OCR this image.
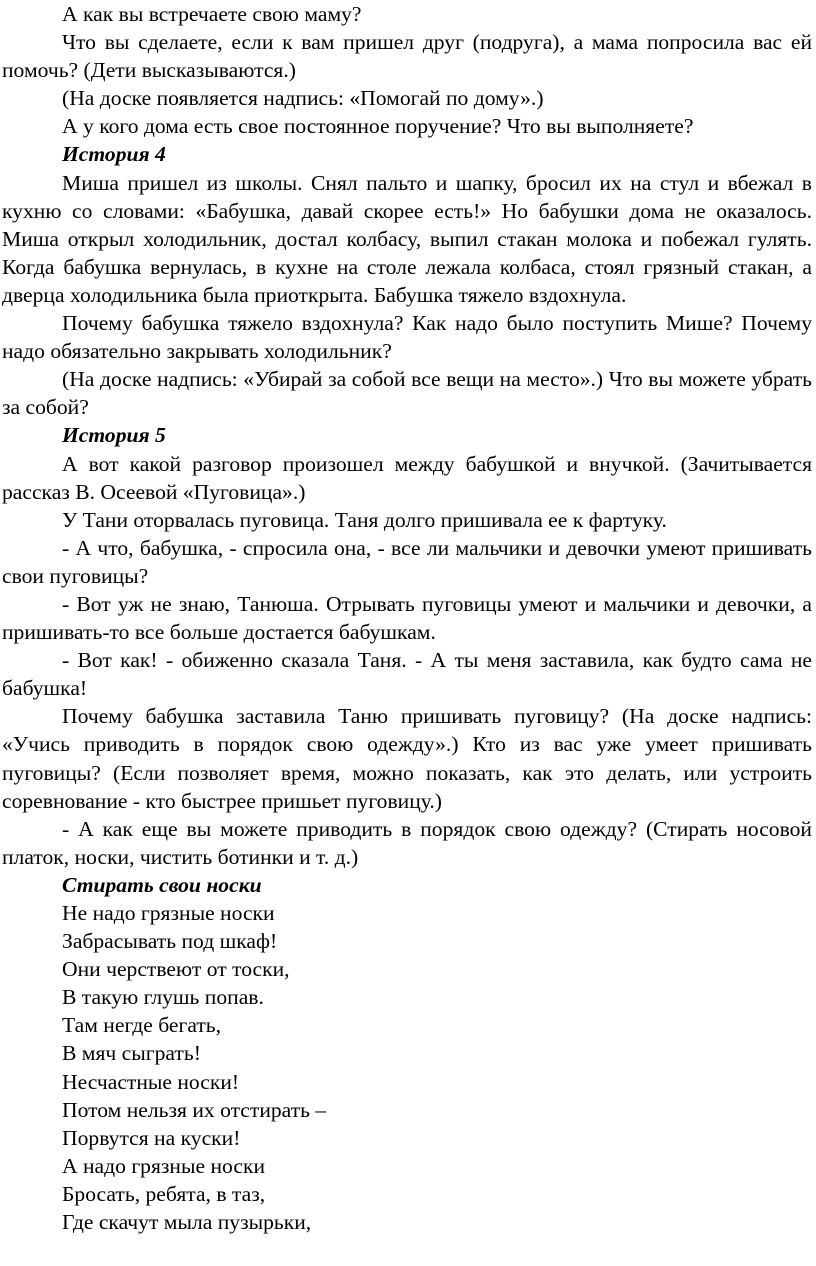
А как вы встречаете свою маму?

Что вы сделаете, если к вам пришел друг (подруга), а мама попросила вас ей помочь? (Дети высказываются.)

(На доске появляется надпись: «Помогай по дому».)

А у кого дома есть свое постоянное поручение? Что вы выполняете?

История 4

Миша пришел из школы. Снял пальто и шапку, бросил их на стул и вбежал в кухню со словами: «Бабушка, давай скорее есть!» Но бабушки дома не оказалось. Миша открыл холодильник, достал колбасу, выпил стакан молока и побежал гулять. Когда бабушка вернулась, в кухне на столе лежала колбаса, стоял грязный стакан, а дверца холодильника была приоткрыта. Бабушка тяжело вздохнула.

Почему бабушка тяжело вздохнула? Как надо было поступить Мише? Почему надо обязательно закрывать холодильник?

(На доске надпись: «Убирай за собой все вещи на место».) Что вы можете убрать за собой?

История 5

А вот какой разговор произошел между бабушкой и внучкой. (Зачитывается рассказ В. Осеевой «Пуговица».)

У Тани оторвалась пуговица. Таня долго пришивала ее к фартуку.

- А что, бабушка, - спросила она, - все ли мальчики и девочки умеют пришивать свои пуговицы?

- Вот уж не знаю, Танюша. Отрывать пуговицы умеют и мальчики и девочки, а пришивать-то все больше достается бабушкам.

- Вот как! - обиженно сказала Таня. - А ты меня заставила, как будто сама не бабушка!

Почему бабушка заставила Таню пришивать пуговицу? (На доске надпись: «Учись приводить в порядок свою одежду».) Кто из вас уже умеет пришивать пуговицы? (Если позволяет время, можно показать, как это делать, или устроить соревнование - кто быстрее пришьет пуговицу.)

- А как еще вы можете приводить в порядок свою одежду? (Стирать носовой платок, носки, чистить ботинки и т. д.)

Стирать свои носки

Не надо грязные носки

Забрасывать под шкаф!

Они черствеют от тоски,

В такую глушь попав.

Там негде бегать,

В мяч сыграть!

Несчастные носки!

Потом нельзя их отстирать –

Порвутся на куски!

А надо грязные носки

Бросать, ребята, в таз,

Где скачут мыла пузырьки,
